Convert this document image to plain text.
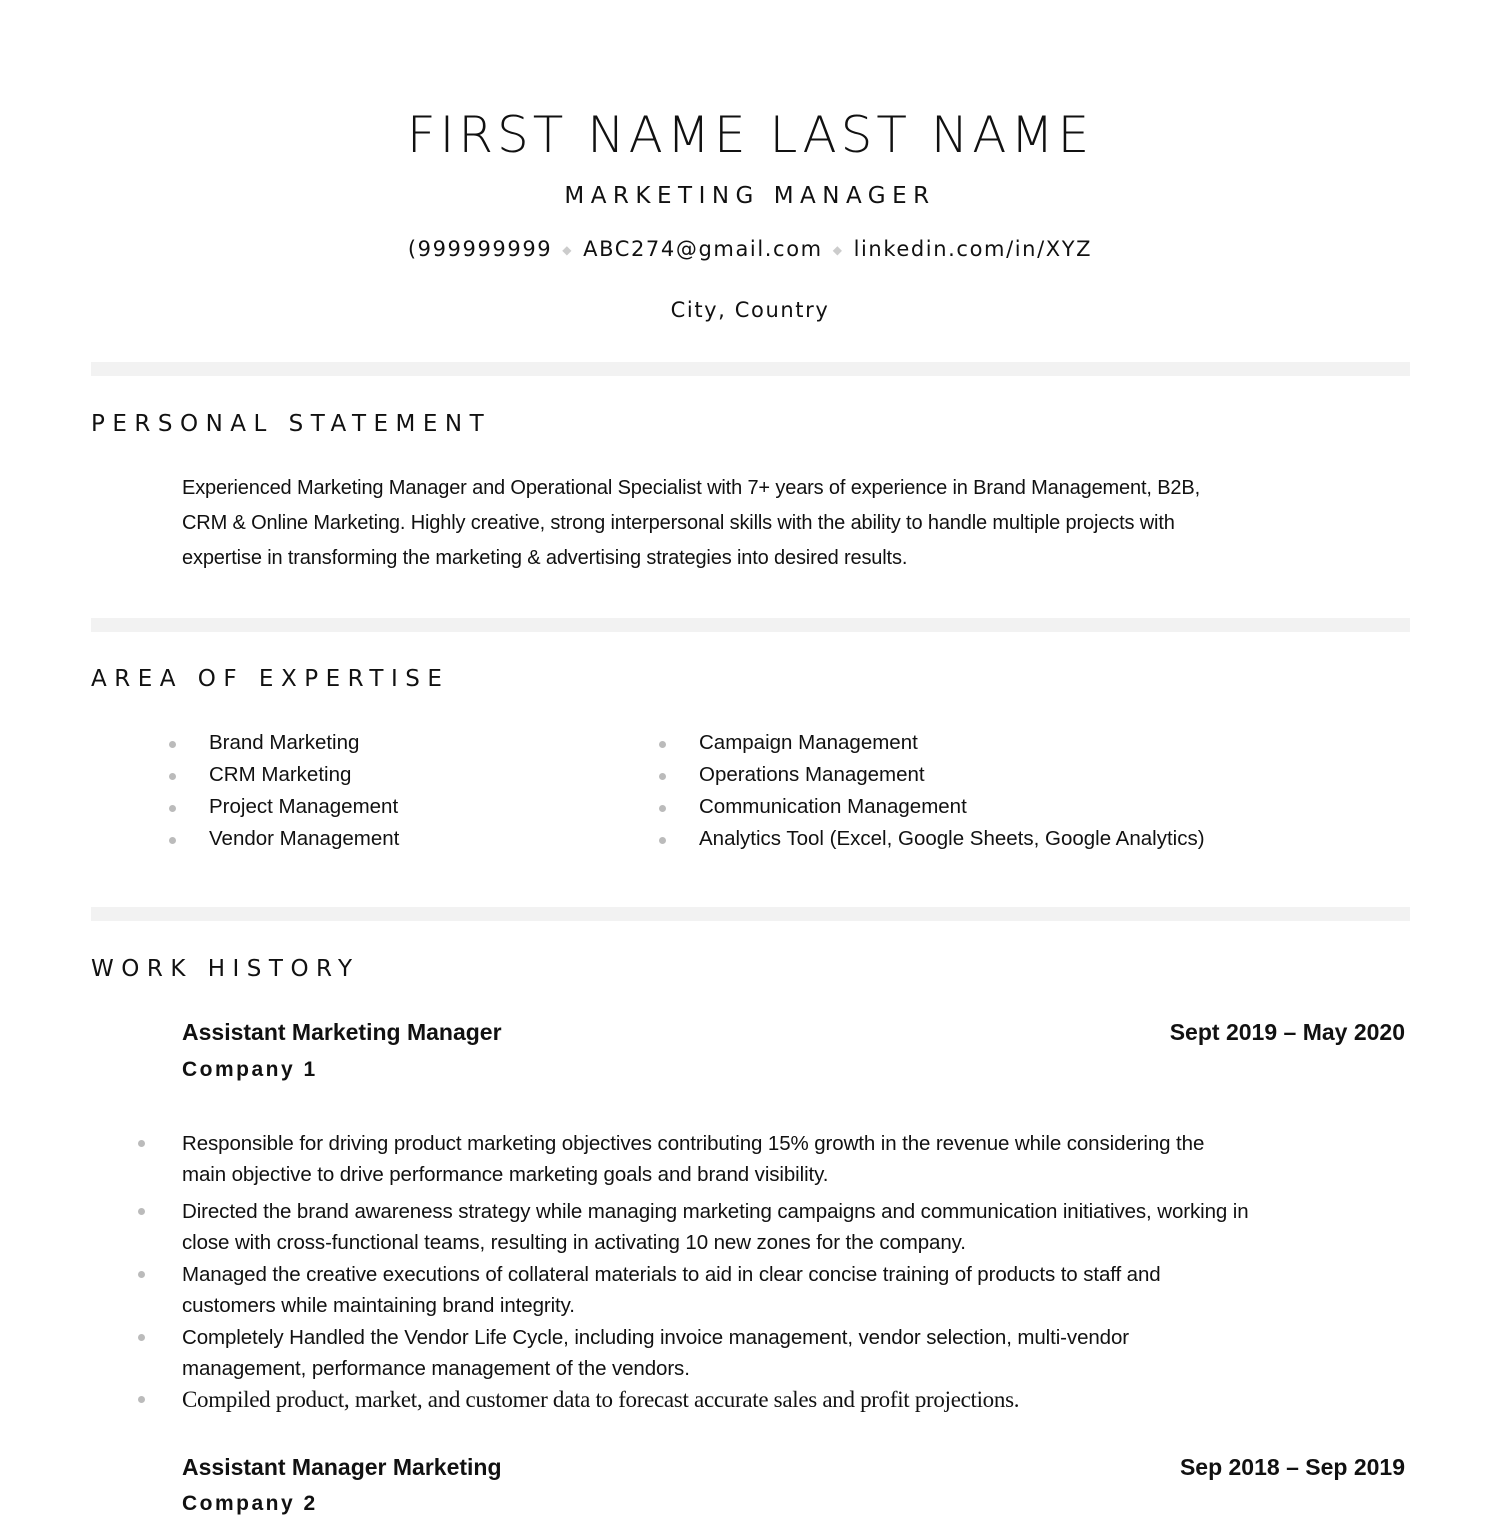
FIRST NAME LAST NAME
MARKETING MANAGER
(999999999 ◆ ABC274@gmail.com ◆ linkedin.com/in/XYZ
City, Country
PERSONAL STATEMENT
Experienced Marketing Manager and Operational Specialist with 7+ years of experience in Brand Management, B2B,
CRM & Online Marketing. Highly creative, strong interpersonal skills with the ability to handle multiple projects with
expertise in transforming the marketing & advertising strategies into desired results.
AREA OF EXPERTISE
Brand Marketing
CRM Marketing
Project Management
Vendor Management
Campaign Management
Operations Management
Communication Management
Analytics Tool (Excel, Google Sheets, Google Analytics)
WORK HISTORY
Assistant Marketing Manager	Sept 2019 – May 2020
Company 1
Responsible for driving product marketing objectives contributing 15% growth in the revenue while considering the
main objective to drive performance marketing goals and brand visibility.
Directed the brand awareness strategy while managing marketing campaigns and communication initiatives, working in
close with cross-functional teams, resulting in activating 10 new zones for the company.
Managed the creative executions of collateral materials to aid in clear concise training of products to staff and
customers while maintaining brand integrity.
Completely Handled the Vendor Life Cycle, including invoice management, vendor selection, multi-vendor
management, performance management of the vendors.
Compiled product, market, and customer data to forecast accurate sales and profit projections.
Assistant Manager Marketing	Sep 2018 – Sep 2019
Company 2
